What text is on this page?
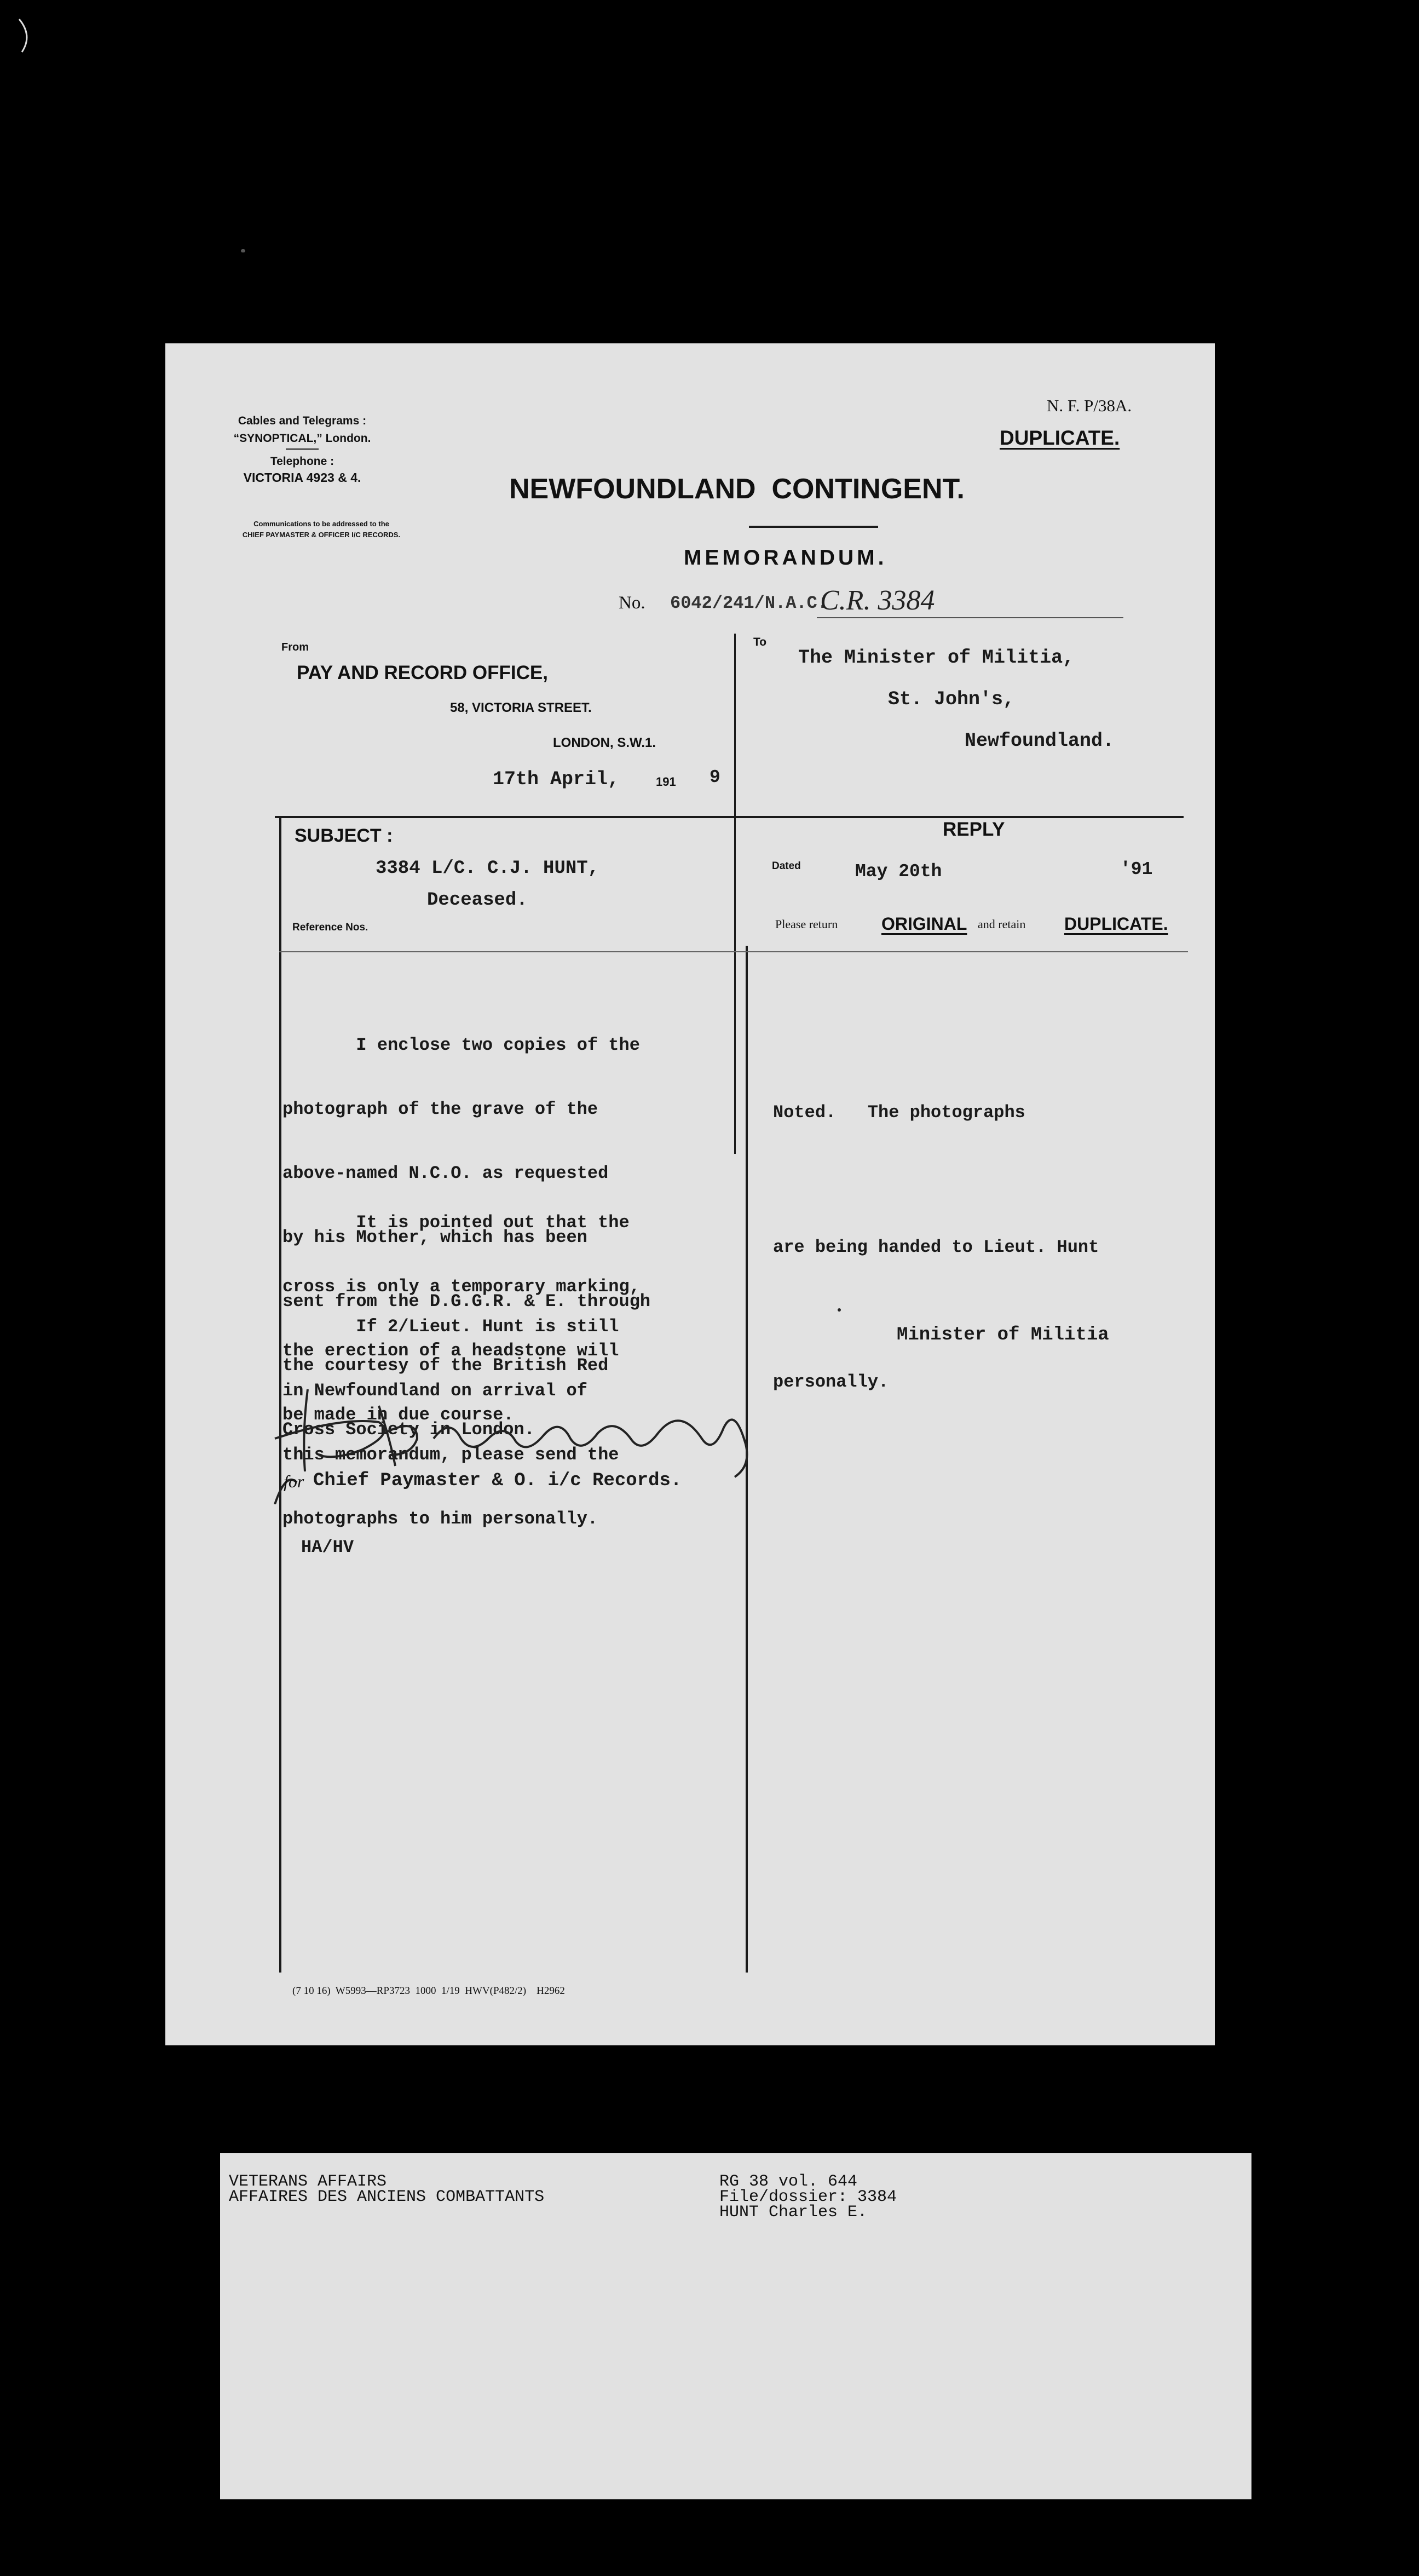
Cables and Telegrams :
“SYNOPTICAL,” London.
Telephone :
VICTORIA 4923 & 4.
Communications to be addressed to the
CHIEF PAYMASTER & OFFICER I/C RECORDS.
N. F. P/38A.
DUPLICATE.
NEWFOUNDLAND  CONTINGENT.
MEMORANDUM.
No. 6042/241/N.A.C.
C.R. 3384
From
PAY AND RECORD OFFICE,
58, VICTORIA STREET.
LONDON, S.W.1.
17th April,	191 9
To
The Minister of Militia,
St. John's,
Newfoundland.
SUBJECT :
3384 L/C. C.J. HUNT,
Deceased.
Reference Nos.
REPLY
Dated	May 20th	'91
Please return ORIGINAL and retain DUPLICATE.

I enclose two copies of the

photograph of the grave of the

above-named N.C.O. as requested

by his Mother, which has been

sent from the D.G.G.R. & E. through

the courtesy of the British Red

Cross Society in London.

It is pointed out that the

cross is only a temporary marking,

the erection of a headstone will

be made in due course.

If 2/Lieut. Hunt is still

in Newfoundland on arrival of

this memorandum, please send the

photographs to him personally.

Noted.   The photographs

are being handed to Lieut. Hunt

personally.

Minister of Militia
for Chief Paymaster & O. i/c Records.
HA/HV
(7 10 16)  W5993—RP3723  1000  1/19  HWV(P482/2)    H2962
VETERANS AFFAIRS
AFFAIRES DES ANCIENS COMBATTANTS
RG 38 vol. 644
File/dossier: 3384
HUNT Charles E.
